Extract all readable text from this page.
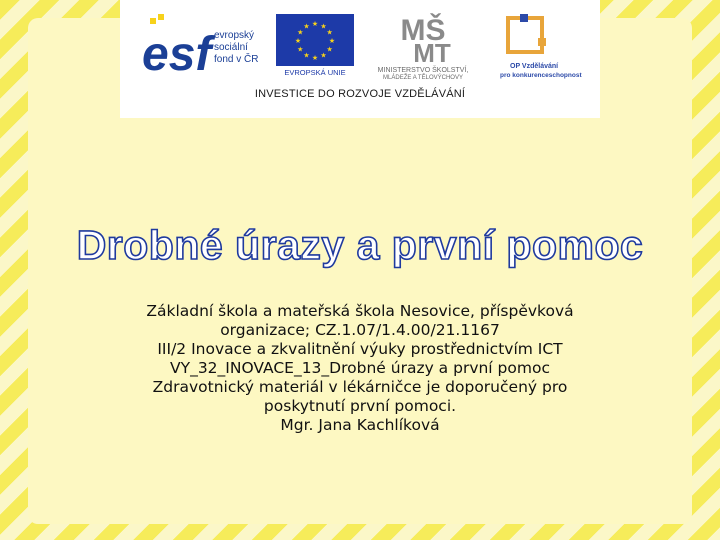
esf evropský
sociální
fond v ČR
★
★
★
★
★
★
★
★
★ ★ ★
★
EVROPSKÁ UNIE
MŠ
MT
MINISTERSTVO ŠKOLSTVÍ,
MLÁDEŽE A TĚLOVÝCHOVY
OP Vzdělávání
pro konkurenceschopnost
INVESTICE DO ROZVOJE VZDĚLÁVÁNÍ
Drobné úrazy a první pomoc
Základní škola a mateřská škola Nesovice, příspěvková
organizace; CZ.1.07/1.4.00/21.1167
III/2 Inovace a zkvalitnění výuky prostřednictvím ICT
VY_32_INOVACE_13_Drobné úrazy a první pomoc
Zdravotnický materiál v lékárničce je doporučený pro
poskytnutí první pomoci.
Mgr. Jana Kachlíková
